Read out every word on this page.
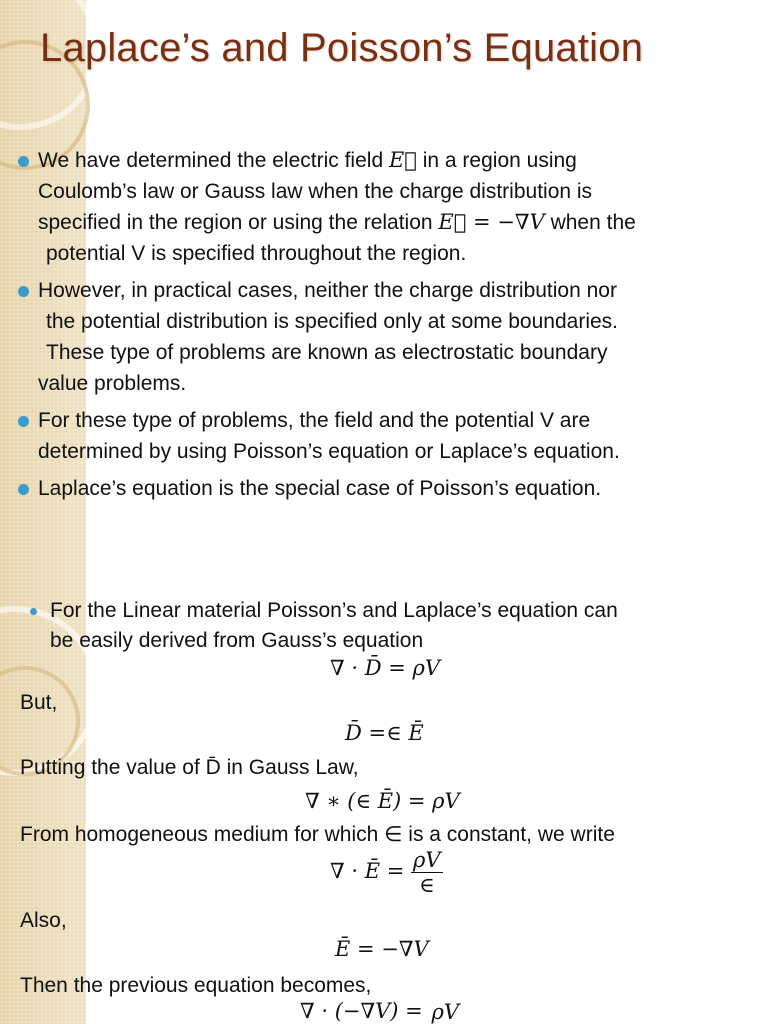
Laplace’s and Poisson’s Equation
We have determined the electric field E⃗ in a region using
Coulomb’s law or Gauss law when the charge distribution is
specified in the region or using the relation E⃗ = −∇V when the
potential V is specified throughout the region.
However, in practical cases, neither the charge distribution nor
the potential distribution is specified only at some boundaries.
These type of problems are known as electrostatic boundary
value problems.
For these type of problems, the field and the potential V are
determined by using Poisson’s equation or Laplace’s equation.
Laplace’s equation is the special case of Poisson’s equation.
For the Linear material Poisson’s and Laplace’s equation can
be easily derived from Gauss’s equation
∇ · D̄ = ρV
But,
D̄ =∈ Ē
Putting the value of D̄ in Gauss Law,
∇ ∗ (∈ Ē) = ρV
From homogeneous medium for which ∈ is a constant, we write
∇ · Ē = $\frac{\rho V}{\in}$
Also,
Ē = −∇V
Then the previous equation becomes,
∇ · (−∇V) = ρV
